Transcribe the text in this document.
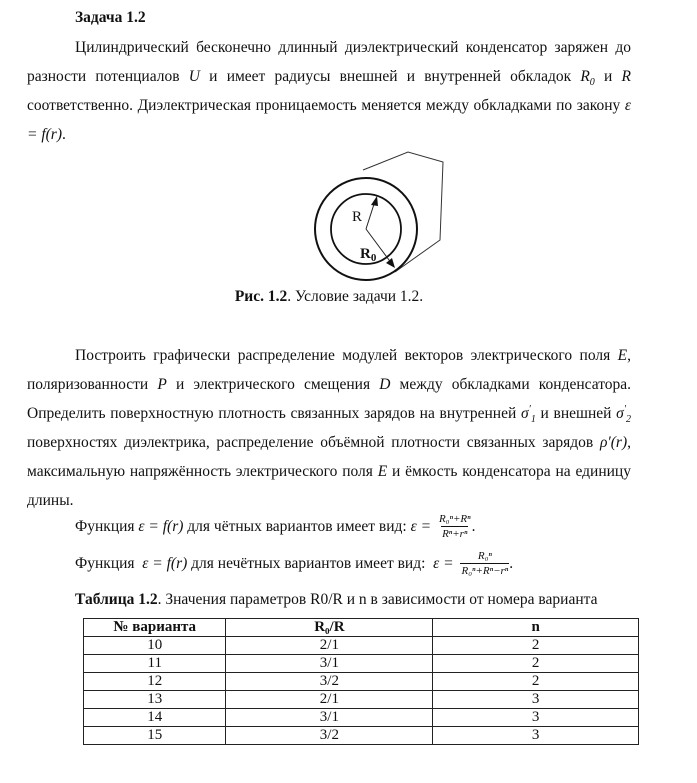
Задача 1.2
Цилиндрический бесконечно длинный диэлектрический конденсатор заряжен до разности потенциалов U и имеет радиусы внешней и внутренней обкладок $R_0$ и R соответственно. Диэлектрическая проницаемость меняется между обкладками по закону ε = f(r).
R
$R_0$
Рис. 1.2. Условие задачи 1.2.
Построить графически распределение модулей векторов электрического поля E, поляризованности P и электрического смещения D между обкладками конденсатора. Определить поверхностную плотность связанных зарядов на внутренней $\sigma'_1$ и внешней $\sigma'_2$ поверхностях диэлектрика, распределение объёмной плотности связанных зарядов ρ′(r), максимальную напряжённость электрического поля E и ёмкость конденсатора на единицу длины.
Функция ε = f(r) для чётных вариантов имеет вид: $\varepsilon = \frac{\text{R₀ⁿ+Rⁿ}}{\text{Rⁿ+rⁿ}}$ .
Функция ε = f(r) для нечётных вариантов имеет вид: $\varepsilon = \frac{\text{R₀ⁿ}}{\text{R₀ⁿ+Rⁿ−rⁿ}}$ .
Таблица 1.2. Значения параметров R0/R и n в зависимости от номера варианта
№ варианта	R₀/R	n
10	2/1	2
11	3/1	2
12	3/2	2
13	2/1	3
14	3/1	3
15	3/2	3
